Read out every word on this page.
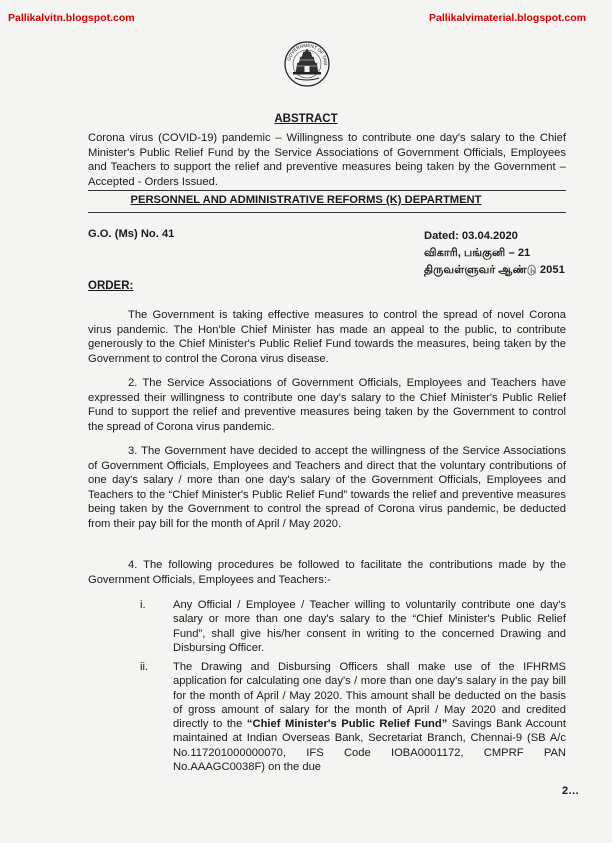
Pallikalvitn.blogspot.com	Pallikalvimaterial.blogspot.com
GOVERNMENT OF TAM
ABSTRACT
Corona virus (COVID-19) pandemic – Willingness to contribute one day's salary to the Chief Minister's Public Relief Fund by the Service Associations of Government Officials, Employees and Teachers to support the relief and preventive measures being taken by the Government – Accepted - Orders Issued.
PERSONNEL AND ADMINISTRATIVE REFORMS (K) DEPARTMENT
G.O. (Ms) No. 41	Dated: 03.04.2020
விகாரி, பங்குனி – 21
திருவள்ளுவர் ஆண்டு 2051
ORDER:

The Government is taking effective measures to control the spread of novel Corona virus pandemic. The Hon'ble Chief Minister has made an appeal to the public, to contribute generously to the Chief Minister's Public Relief Fund towards the measures, being taken by the Government to control the Corona virus disease.

2. The Service Associations of Government Officials, Employees and Teachers have expressed their willingness to contribute one day's salary to the Chief Minister's Public Relief Fund to support the relief and preventive measures being taken by the Government to control the spread of Corona virus pandemic.

3. The Government have decided to accept the willingness of the Service Associations of Government Officials, Employees and Teachers and direct that the voluntary contributions of one day's salary / more than one day's salary of the Government Officials, Employees and Teachers to the “Chief Minister's Public Relief Fund” towards the relief and preventive measures being taken by the Government to control the spread of Corona virus pandemic, be deducted from their pay bill for the month of April / May 2020.

4. The following procedures be followed to facilitate the contributions made by the Government Officials, Employees and Teachers:-

i.	Any Official / Employee / Teacher willing to voluntarily contribute one day's salary or more than one day's salary to the “Chief Minister's Public Relief Fund”, shall give his/her consent in writing to the concerned Drawing and Disbursing Officer.
ii.	The Drawing and Disbursing Officers shall make use of the IFHRMS application for calculating one day's / more than one day's salary in the pay bill for the month of April / May 2020. This amount shall be deducted on the basis of gross amount of salary for the month of April / May 2020 and credited directly to the “Chief Minister's Public Relief Fund” Savings Bank Account maintained at Indian Overseas Bank, Secretariat Branch, Chennai-9 (SB A/c No.117201000000070, IFS Code IOBA0001172, CMPRF PAN No.AAAGC0038F) on the due
2…
